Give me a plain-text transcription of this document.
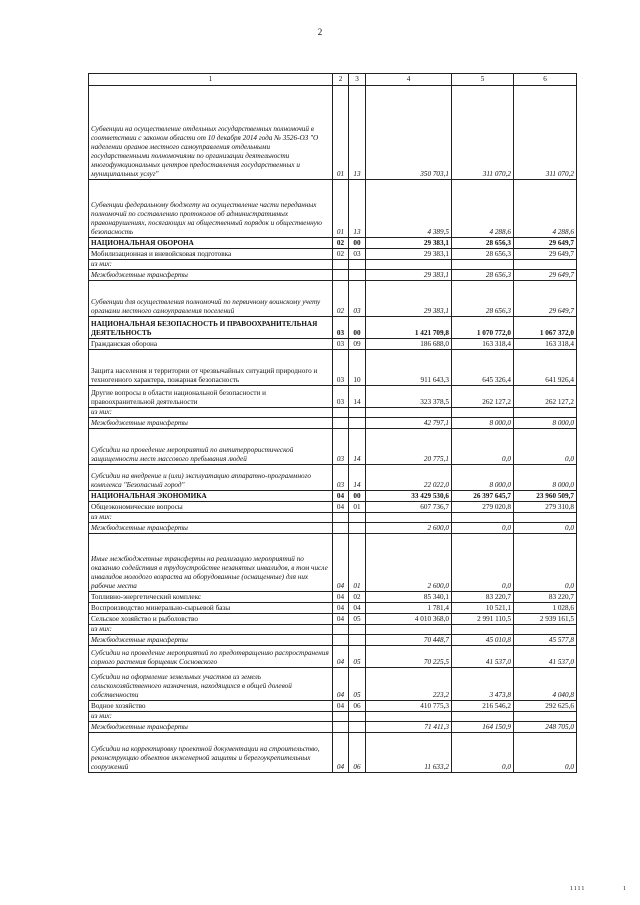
2
1	2	3	4	5	6
Субвенции на осуществление отдельных государственных полномочий в соответствии с законом области от 10 декабря 2014 года № 3526-ОЗ "О наделении органов местного самоуправления отдельными государственными полномочиями по организации деятельности многофункциональных центров предоставления государственных и муниципальных услуг"	01	13	350 703,1	311 070,2	311 070,2
Субвенции федеральному бюджету на осуществление части переданных полномочий по составлению протоколов об административных правонарушениях, посягающих на общественный порядок и общественную безопасность	01	13	4 389,5	4 288,6	4 288,6
НАЦИОНАЛЬНАЯ ОБОРОНА	02	00	29 383,1	28 656,3	29 649,7
Мобилизационная и вневойсковая подготовка	02	03	29 383,1	28 656,3	29 649,7
из них:					
Межбюджетные трансферты			29 383,1	28 656,3	29 649,7
Субвенции для осуществления полномочий по первичному воинскому учету органами местного самоуправления поселений	02	03	29 383,1	28 656,3	29 649,7
НАЦИОНАЛЬНАЯ БЕЗОПАСНОСТЬ И ПРАВООХРАНИТЕЛЬНАЯ ДЕЯТЕЛЬНОСТЬ	03	00	1 421 709,8	1 070 772,0	1 067 372,0
Гражданская оборона	03	09	186 688,0	163 318,4	163 318,4
Защита населения и территории от чрезвычайных ситуаций природного и техногенного характера, пожарная безопасность	03	10	911 643,3	645 326,4	641 926,4
Другие вопросы в области национальной безопасности и правоохранительной деятельности	03	14	323 378,5	262 127,2	262 127,2
из них:					
Межбюджетные трансферты			42 797,1	8 000,0	8 000,0
Субсидии на проведение мероприятий по антитеррористической защищенности мест массового пребывания людей	03	14	20 775,1	0,0	0,0
Субсидии на внедрение и (или) эксплуатацию аппаратно-программного комплекса "Безопасный город"	03	14	22 022,0	8 000,0	8 000,0
НАЦИОНАЛЬНАЯ ЭКОНОМИКА	04	00	33 429 530,6	26 397 645,7	23 960 509,7
Общеэкономические вопросы	04	01	607 736,7	279 020,8	279 310,8
из них:					
Межбюджетные трансферты			2 600,0	0,0	0,0
Иные межбюджетные трансферты на реализацию мероприятий по оказанию содействия в трудоустройстве незанятых инвалидов, в том числе инвалидов молодого возраста на оборудованные (оснащенные) для них рабочие места	04	01	2 600,0	0,0	0,0
Топливно-энергетический комплекс	04	02	85 340,1	83 220,7	83 220,7
Воспроизводство минерально-сырьевой базы	04	04	1 781,4	10 521,1	1 028,6
Сельское хозяйство и рыболовство	04	05	4 010 368,0	2 991 110,5	2 939 161,5
из них:					
Межбюджетные трансферты			70 448,7	45 010,8	45 577,8
Субсидии на проведение мероприятий по предотвращению распространения сорного растения борщевик Сосновского	04	05	70 225,5	41 537,0	41 537,0
Субсидии на оформление земельных участков из земель сельскохозяйственного назначения, находящихся в общей долевой собственности	04	05	223,2	3 473,8	4 040,8
Водное хозяйство	04	06	410 775,3	216 546,2	292 625,6
из них:					
Межбюджетные трансферты			71 411,3	164 150,9	248 705,0
Субсидии на корректировку проектной документации на строительство, реконструкцию объектов инженерной защиты и берегоукрепительных сооружений	04	06	11 633,2	0,0	0,0
1111	1
